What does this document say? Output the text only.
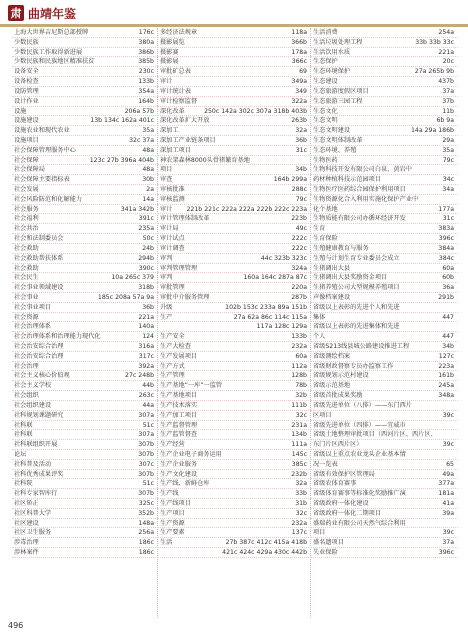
肃 曲靖年鉴
上海大世界吉尼斯总部授牌	176c
少数民族	380a
少数民族工作取得新进展	386b
少数民族和民族地区精准扶贫	385b
设备安全	230c
设备检查	133b
设防管理	354a
设计作业	164b
设施	206a 57b
设施建设	13b 134c 162a 401c
设施农业和现代农业	35a
设施项目	32c 37a
社会保障管理服务中心	48a
社会保障	123c 27b 396a 404b
社会保障局	48a
社会保障主要指标表	30b
社会发展	2a
社会风险防范和化解能力	14a
社会服务	341a 342b
社会福利	391c
社会共治	235a
社会和法制委员会	50c
社会救助	24b
社会救助帮扶体系	294b
社会救助	390c
社会民生	10a 265c 379
社会事业领域建设	318b
社会事业	185c 208a 57a 9a
社会事业项目	36b
社会资源	221a
社会治理体系	140a
社会治理体系和治理能力现代化	124
社会治安综合治理	316a
社会治安综合治理	317c
社会治理	392a
社会主义核心价值观	27c 248b
社会主义学校	44b
社会组织	263c
社会组织建设	44a
社科规划课题研究	307a
社科联	51c
社科联	307a
社科联组织开展	307b
论坛	307b
社科普及活动	307c
社科优秀成果评奖	307b
社科院	51c
社科专家智库行	307b
社区矫正	325c
社区科普大学	352b
社区建设	148a
社区卫生服务	256a
涉毒治理	186c
涉林案件	186c
多经济法规章	118a
摄影展览	366b
摄影赛	178a
摄影展	366c
审批矿总表	69
审计	349a
审计统计表	349
审计检察监督	322a
深化改革	250c 142a 302c 307a 318b 403b
深化改革扩大开放	263b
深加工	32a
深加工产业链条项目	36b
深加工项目	31c
神农架森林8000头骨猪繁育基地
项目	34b
审查	164b 299a
审核批准	288c
审核监测	79c
审计 221b 221c 222a 222a 222b 222c 223a
审计管理体制改革	223b
审计局	49c
审计试点	222c
审计调查	222c
审判	44c 323b 323c
审判管理管理	324a
审判	160a 164c 287a 87c
审批管理	220a
审批中介服务管理	287b
升级	102b 153c 233a 89a 151b
生产	27a 62a 86c 114c 115a
117a 128c 129a
生产安全	133b
生产大检查	232a
生产发展项目	60a
生产方式	112a
生产管理	128b
生产基地“一库”一监管	78b
生产基地项目	32b
生产技术落实	111b
生产加工项目	32c
生产监督管理	231a
生产监管督查	134b
生产经营	111a
生产企业电子商务运用	145c
生产企业服务	385c
生产文化建设	232b
生产线、新鲜仓库	32a
生产线	33b
生产线项目	31b
生产项目	32c
生产资源	232a
生产要素	137c
生活	27b 387c 412c 415a 418b
421c 424c 429a 430c 442b
生活消费	254a
生活垃圾处理工程	33b 33b 33c
生活饮用水质	221a
生态保护	20c
生态环境保护	27a 265b 9b
生态建设	437b
生态旅游度假区项目	37a
生态旅游三园工程	37b
生态文化	11b
生态文明	6b 9a
生态文明建设	14a 29a 186b
生态文明体制改革	29a
生态环境、养殖	35a
生物医药	79c
生物科技开发有限公司白泉、黄岩中
药材种植科技示范园项目	34c
生物医疗医药综合园保护利用项目	34a
生物资源化合入利用实施化保护产业中
化个基地	177a
生物质能有限公司办循环经济开发	31c
生育	383a
生育保险	396c
生殖健康教育与服务	384a
生殖与计划生育专业委员会成立	384c
生猪调出大县	60a
生猪调出大县奖励资金项目	60b
生猪养殖公司大型规模养殖项目	36a
声像档案建设	291b
省级以上表彰的先进个人和先进
集体	447
省级以上表彰的先进集体和先进
个人	447
省级S213线县城公路建设推进工程	34b
省级测绘档案	127c
省级财政督察专员办监察工作	223a
省级规划示范村建设	161b
省级示范基地	245a
省级首批成果奖励	348a
省级先进单位（八排）——东门西片
区项目	39c
省级先进单位（四排）——宜威市
省级土地整理审批项目（西河片区、西片区、
东门片区西片区）	39c
省级以上重点农业龙头企业基本情
况一览表	65
省级有效保护区管理局	49a
省级农体育赛事	377a
省级体育赛事等标准化奖励推广演	181a
省级政府一体化建设	41a
省级政府一体化二期项目	39a
盛瑞药业有限公司天然气综合利用
项目	39c
盛名遗项目	37a
失业保险	396c
496
